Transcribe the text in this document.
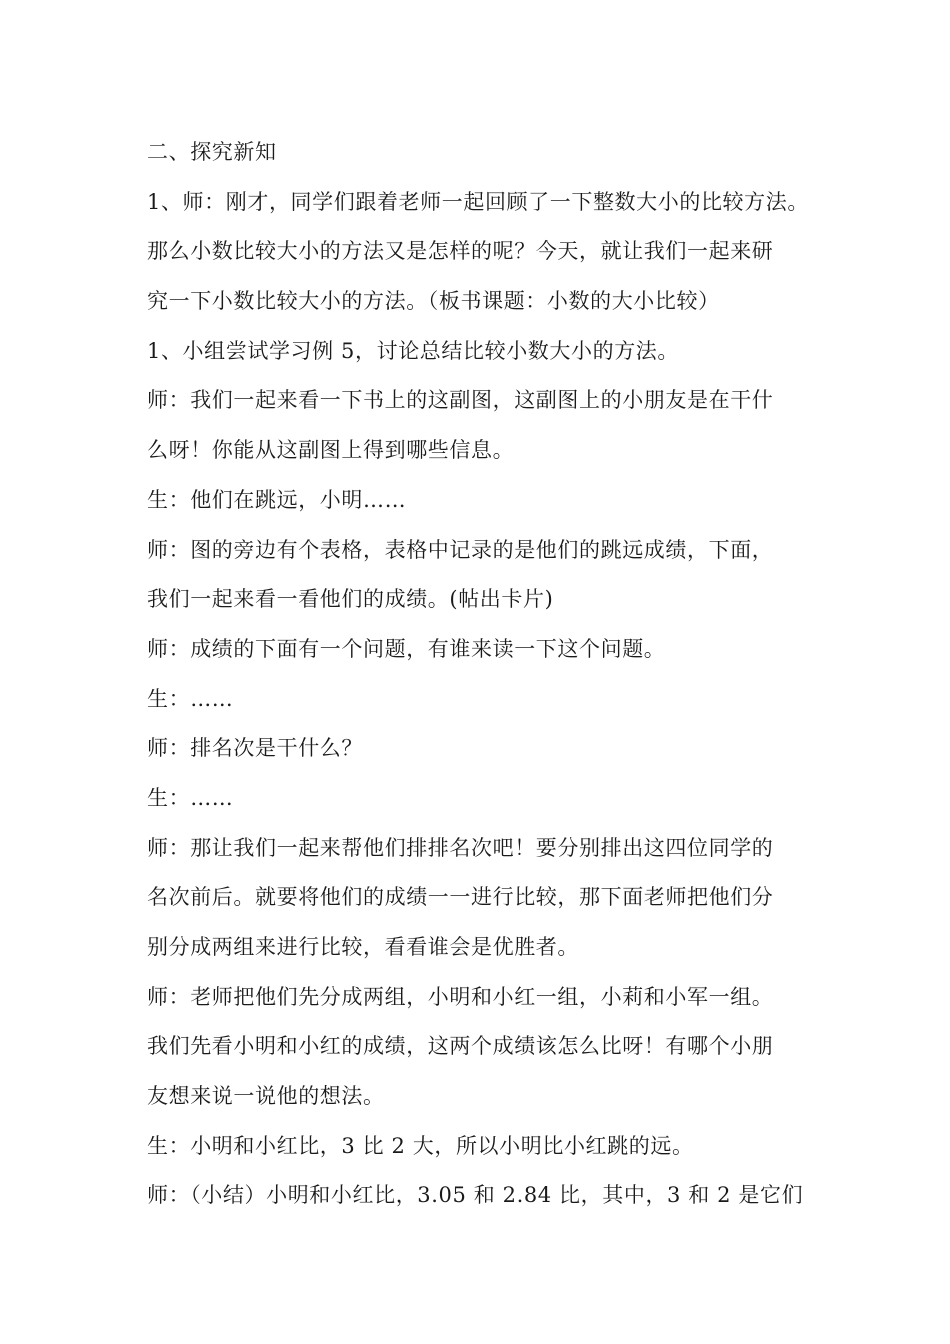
二、探究新知
1、师：刚才，同学们跟着老师一起回顾了一下整数大小的比较方法。
那么小数比较大小的方法又是怎样的呢？今天，就让我们一起来研
究一下小数比较大小的方法。（板书课题：小数的大小比较）
1、小组尝试学习例 5，讨论总结比较小数大小的方法。
师：我们一起来看一下书上的这副图，这副图上的小朋友是在干什
么呀！你能从这副图上得到哪些信息。
生：他们在跳远，小明……
师：图的旁边有个表格，表格中记录的是他们的跳远成绩，下面，
我们一起来看一看他们的成绩。(帖出卡片)
师：成绩的下面有一个问题，有谁来读一下这个问题。
生：……
师：排名次是干什么？
生：……
师：那让我们一起来帮他们排排名次吧！要分别排出这四位同学的
名次前后。就要将他们的成绩一一进行比较，那下面老师把他们分
别分成两组来进行比较，看看谁会是优胜者。
师：老师把他们先分成两组，小明和小红一组，小莉和小军一组。
我们先看小明和小红的成绩，这两个成绩该怎么比呀！有哪个小朋
友想来说一说他的想法。
生：小明和小红比，3 比 2 大，所以小明比小红跳的远。
师：（小结）小明和小红比，3.05 和 2.84 比，其中，3 和 2 是它们
